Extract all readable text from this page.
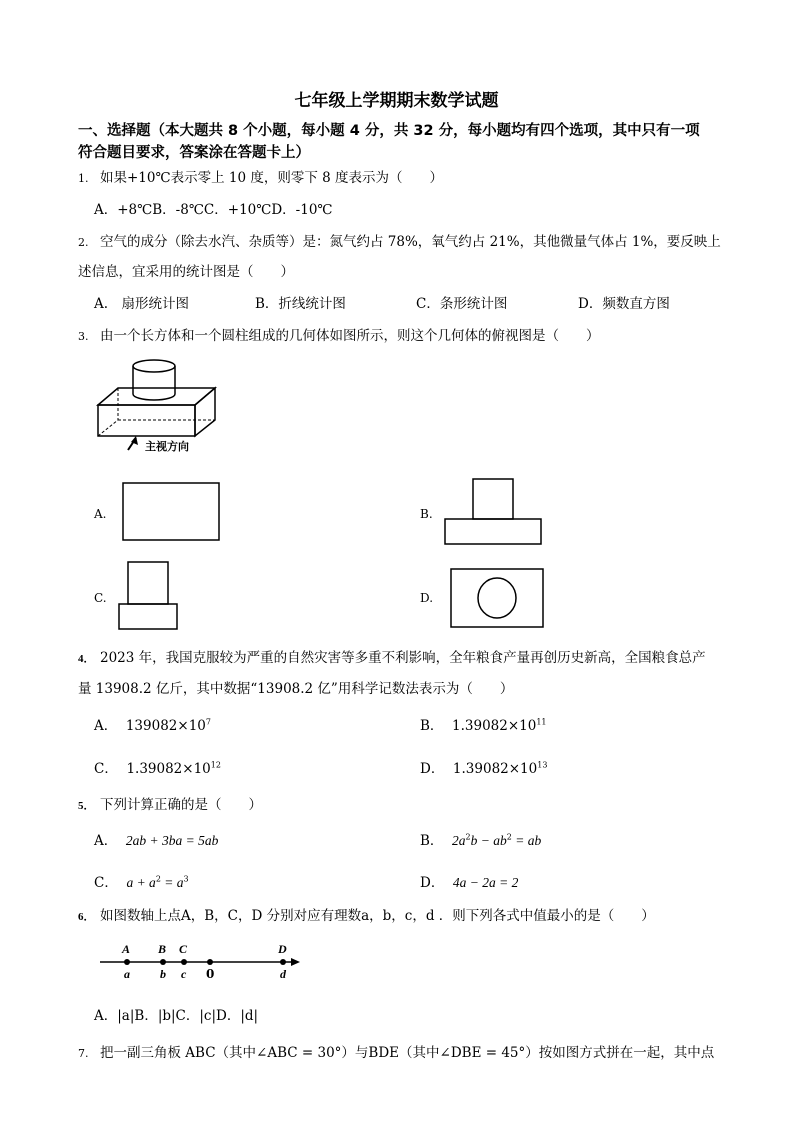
七年级上学期期末数学试题
一、选择题（本大题共 8 个小题，每小题 4 分，共 32 分，每小题均有四个选项，其中只有一项
符合题目要求，答案涂在答题卡上）
1. 如果+10℃表示零上 10 度，则零下 8 度表示为（　　）
A．+8℃B．-8℃C．+10℃D．-10℃
2. 空气的成分（除去水汽、杂质等）是：氮气约占 78%，氧气约占 21%，其他微量气体占 1%，要反映上
述信息，宜采用的统计图是（　　）
A.　扇形统计图	B．折线统计图	C．条形统计图	D．频数直方图
3. 由一个长方体和一个圆柱组成的几何体如图所示，则这个几何体的俯视图是（　　）
主视方向
A.	B.
C.	D.
4． 2023 年，我国克服较为严重的自然灾害等多重不利影响，全年粮食产量再创历史新高，全国粮食总产
量 13908.2 亿斤，其中数据“13908.2 亿”用科学记数法表示为（　　）
A． $139082\times 10^7$	B． $1.39082\times 10^{11}$
C． $1.39082\times 10^{12}$	D． $1.39082\times 10^{13}$
5． 下列计算正确的是（　　）
A． 2ab + 3ba = 5ab	B． $2a^2b - ab^2$ = ab
C． $a + a^2 = a^3$	D． 4a − 2a = 2
6． 如图数轴上点A，B，C，D 分别对应有理数a，b，c，d ．则下列各式中值最小的是（　　）
A B C	D
a	b c 0	d
A．|a|B．|b|C．|c|D．|d|
7. 把一副三角板 ABC（其中∠ABC = 30°）与BDE（其中∠DBE = 45°）按如图方式拼在一起，其中点
